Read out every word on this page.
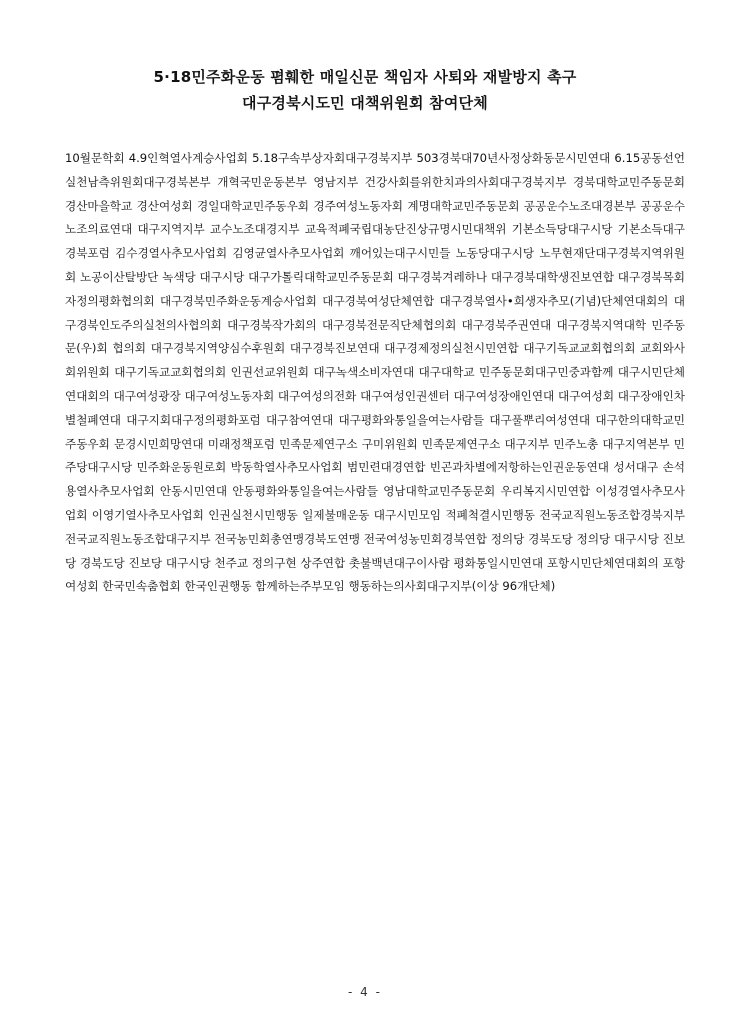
5·18민주화운동 폄훼한 매일신문 책임자 사퇴와 재발방지 촉구
대구경북시도민 대책위원회 참여단체
10월문학회 4.9인혁열사계승사업회 5.18구속부상자회대구경북지부 503경북대70년사정상화동문시민연대 6.15공동선언실천남측위원회대구경북본부 개혁국민운동본부 영남지부 건강사회를위한치과의사회대구경북지부 경북대학교민주동문회 경산마을학교 경산여성회 경일대학교민주동우회 경주여성노동자회 계명대학교민주동문회 공공운수노조대경본부 공공운수노조의료연대 대구지역지부 교수노조대경지부 교육적폐국립대농단진상규명시민대책위 기본소득당대구시당 기본소득대구경북포럼 김수경열사추모사업회 김영균열사추모사업회 깨어있는대구시민들 노동당대구시당 노무현재단대구경북지역위원회 노공이산탈방단 녹색당 대구시당 대구가톨릭대학교민주동문회 대구경북겨레하나 대구경북대학생진보연합 대구경북목회자정의평화협의회 대구경북민주화운동계승사업회 대구경북여성단체연합 대구경북열사•희생자추모(기념)단체연대회의 대구경북인도주의실천의사협의회 대구경북작가회의 대구경북전문직단체협의회 대구경북주권연대 대구경북지역대학 민주동문(우)회 협의회 대구경북지역양심수후원회 대구경북진보연대 대구경제정의실천시민연합 대구기독교교회협의회 교회와사회위원회 대구기독교교회협의회 인권선교위원회 대구녹색소비자연대 대구대학교 민주동문회대구민중과함께 대구시민단체연대회의 대구여성광장 대구여성노동자회 대구여성의전화 대구여성인권센터 대구여성장애인연대 대구여성회 대구장애인차별철폐연대 대구지회대구정의평화포럼 대구참여연대 대구평화와통일을여는사람들 대구풀뿌리여성연대 대구한의대학교민주동우회 문경시민희망연대 미래정책포럼 민족문제연구소 구미위원회 민족문제연구소 대구지부 민주노총 대구지역본부 민주당대구시당 민주화운동원로회 박동학열사추모사업회 범민련대경연합 빈곤과차별에저항하는인권운동연대 성서대구 손석용열사추모사업회 안동시민연대 안동평화와통일을여는사람들 영남대학교민주동문회 우리복지시민연합 이성경열사추모사업회 이영기열사추모사업회 인권실천시민행동 일제불매운동 대구시민모임 적폐척결시민행동 전국교직원노동조합경북지부 전국교직원노동조합대구지부 전국농민회총연맹경북도연맹 전국여성농민회경북연합 정의당 경북도당 정의당 대구시당 진보당 경북도당 진보당 대구시당 천주교 정의구현 상주연합 촛불백년대구이사람 평화통일시민연대 포항시민단체연대회의 포항여성회 한국민속춤협회 한국인권행동 함께하는주부모임 행동하는의사회대구지부(이상 96개단체)
- 4 -
